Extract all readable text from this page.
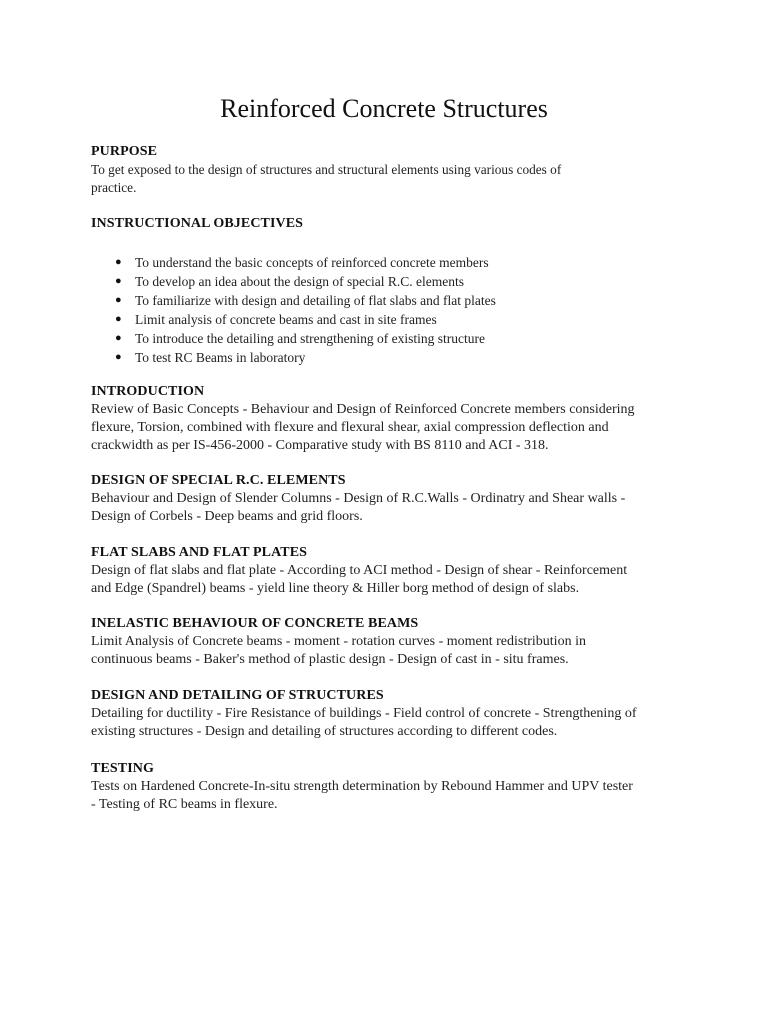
Reinforced Concrete Structures

PURPOSE

To get exposed to the design of structures and structural elements using various codes of

practice.

INSTRUCTIONAL OBJECTIVES

● To understand the basic concepts of reinforced concrete members
● To develop an idea about the design of special R.C. elements
● To familiarize with design and detailing of flat slabs and flat plates
● Limit analysis of concrete beams and cast in site frames
● To introduce the detailing and strengthening of existing structure
● To test RC Beams in laboratory

INTRODUCTION

Review of Basic Concepts - Behaviour and Design of Reinforced Concrete members considering

flexure, Torsion, combined with flexure and flexural shear, axial compression deflection and

crackwidth as per IS-456-2000 - Comparative study with BS 8110 and ACI - 318.

DESIGN OF SPECIAL R.C. ELEMENTS

Behaviour and Design of Slender Columns - Design of R.C.Walls - Ordinatry and Shear walls -

Design of Corbels - Deep beams and grid floors.

FLAT SLABS AND FLAT PLATES

Design of flat slabs and flat plate - According to ACI method - Design of shear - Reinforcement

and Edge (Spandrel) beams - yield line theory & Hiller borg method of design of slabs.

INELASTIC BEHAVIOUR OF CONCRETE BEAMS

Limit Analysis of Concrete beams - moment - rotation curves - moment redistribution in

continuous beams - Baker's method of plastic design - Design of cast in - situ frames.

DESIGN AND DETAILING OF STRUCTURES

Detailing for ductility - Fire Resistance of buildings - Field control of concrete - Strengthening of

existing structures - Design and detailing of structures according to different codes.

TESTING

Tests on Hardened Concrete-In-situ strength determination by Rebound Hammer and UPV tester

- Testing of RC beams in flexure.
